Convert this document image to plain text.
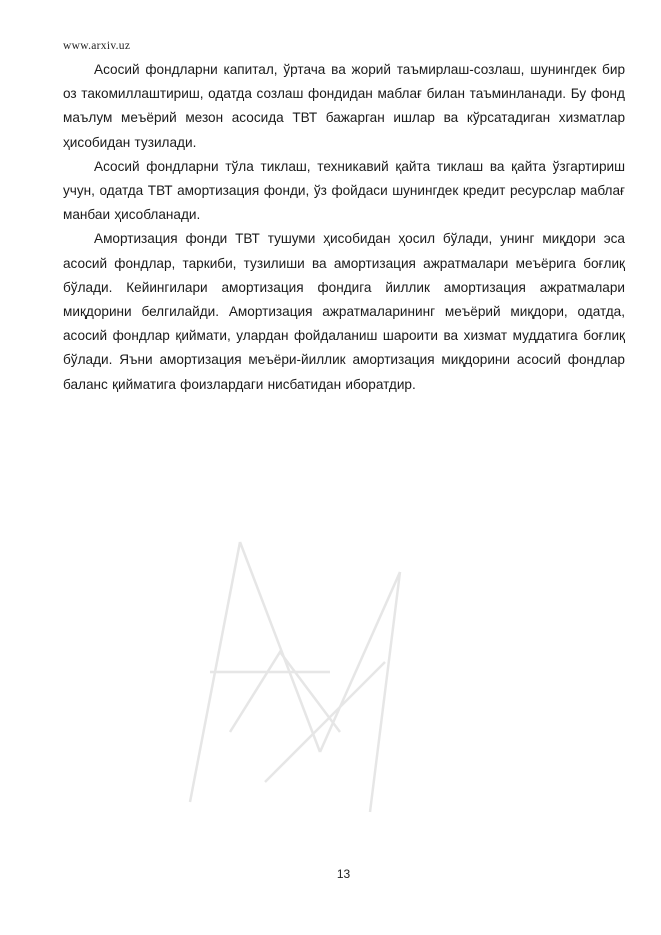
www.arxiv.uz

Асосий фондларни капитал, ўртача ва жорий таъмирлаш-созлаш, шунингдек бир оз такомиллаштириш, одатда созлаш фондидан маблағ билан таъминланади. Бу фонд маълум меъёрий мезон асосида ТВТ бажарган ишлар ва кўрсатадиган хизматлар ҳисобидан тузилади.

Асосий фондларни тўла тиклаш, техникавий қайта тиклаш ва қайта ўзгартириш учун, одатда ТВТ амортизация фонди, ўз фойдаси шунингдек кредит ресурслар маблағ манбаи ҳисобланади.

Амортизация фонди ТВТ тушуми ҳисобидан ҳосил бўлади, унинг миқдори эса асосий фондлар, таркиби, тузилиши ва амортизация ажратмалари меъёрига боғлиқ бўлади. Кейингилари амортизация фондига йиллик амортизация ажратмалари миқдорини белгилайди. Амортизация ажратмаларининг меъёрий миқдори, одатда, асосий фондлар қиймати, улардан фойдаланиш шароити ва хизмат муддатига боғлиқ бўлади. Яъни амортизация меъёри-йиллик амортизация миқдорини асосий фондлар баланс қийматига фоизлардаги нисбатидан иборатдир.

13
